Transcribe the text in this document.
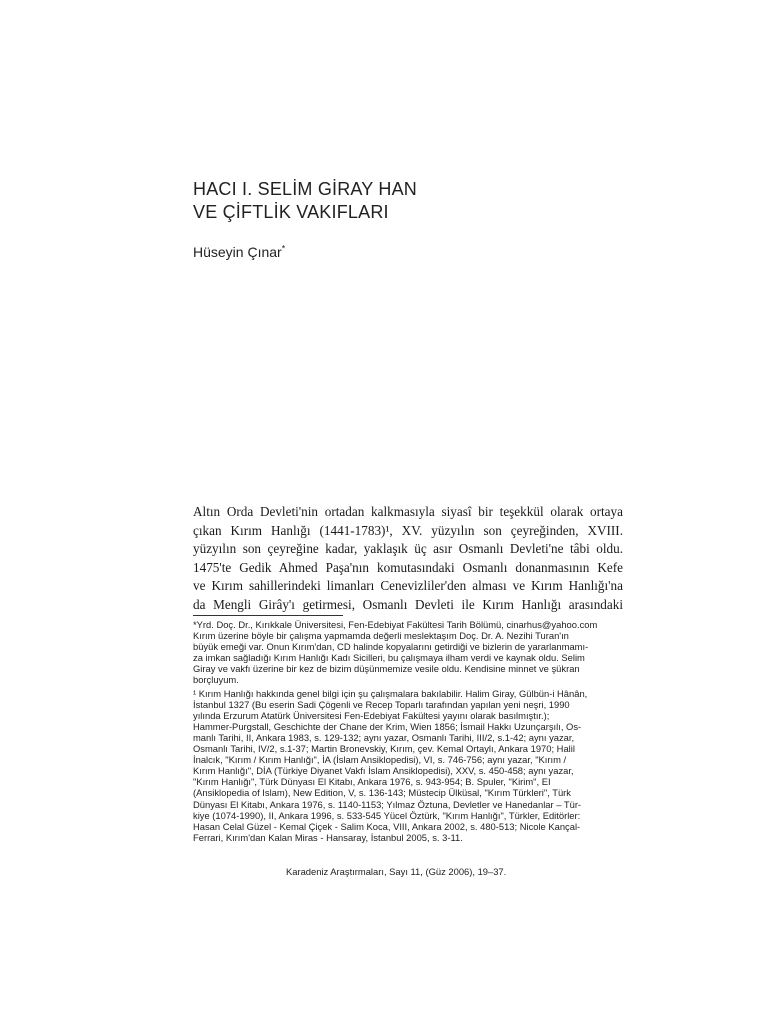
HACI I. SELİM GİRAY HAN
VE ÇİFTLİK VAKIFLARI
Hüseyin Çınar*
Altın Orda Devleti'nin ortadan kalkmasıyla siyasî bir teşekkül olarak ortaya
çıkan Kırım Hanlığı (1441-1783)¹, XV. yüzyılın son çeyreğinden, XVIII.
yüzyılın son çeyreğine kadar, yaklaşık üç asır Osmanlı Devleti'ne tâbi oldu.
1475'te Gedik Ahmed Paşa'nın komutasındaki Osmanlı donanmasının Kefe
ve Kırım sahillerindeki limanları Cenevizliler'den alması ve Kırım Hanlığı'na
da Mengli Girây'ı getirmesi, Osmanlı Devleti ile Kırım Hanlığı arasındaki
*Yrd. Doç. Dr., Kırıkkale Üniversitesi, Fen-Edebiyat Fakültesi Tarih Bölümü, cinarhus@yahoo.com
Kırım üzerine böyle bir çalışma yapmamda değerli meslektaşım Doç. Dr. A. Nezihi Turan'ın
büyük emeği var. Onun Kırım'dan, CD halinde kopyalarını getirdiği ve bizlerin de yararlanmamı-
za imkan sağladığı Kırım Hanlığı Kadı Sicilleri, bu çalışmaya ilham verdi ve kaynak oldu. Selim
Giray ve vakfı üzerine bir kez de bizim düşünmemize vesile oldu. Kendisine minnet ve şükran
borçluyum.
¹ Kırım Hanlığı hakkında genel bilgi için şu çalışmalara bakılabilir. Halim Giray, Gülbün-i Hânân,
İstanbul 1327 (Bu eserin Sadi Çögenli ve Recep Toparlı tarafından yapılan yeni neşri, 1990
yılında Erzurum Atatürk Üniversitesi Fen-Edebiyat Fakültesi yayını olarak basılmıştır.);
Hammer-Purgstall, Geschichte der Chane der Krim, Wien 1856; İsmail Hakkı Uzunçarşılı, Os-
manlı Tarihi, II, Ankara 1983, s. 129-132; aynı yazar, Osmanlı Tarihi, III/2, s.1-42; aynı yazar,
Osmanlı Tarihi, IV/2, s.1-37; Martin Bronevskiy, Kırım, çev. Kemal Ortaylı, Ankara 1970; Halil
İnalcık, "Kırım / Kırım Hanlığı", İA (İslam Ansiklopedisi), VI, s. 746-756; aynı yazar, "Kırım /
Kırım Hanlığı", DİA (Türkiye Diyanet Vakfı İslam Ansiklopedisi), XXV, s. 450-458; aynı yazar,
"Kırım Hanlığı", Türk Dünyası El Kitabı, Ankara 1976, s. 943-954; B. Spuler, "Kirim", EI
(Ansiklopedia of Islam), New Edition, V, s. 136-143; Müstecip Ülküsal, "Kırım Türkleri", Türk
Dünyası El Kitabı, Ankara 1976, s. 1140-1153; Yılmaz Öztuna, Devletler ve Hanedanlar – Tür-
kiye (1074-1990), II, Ankara 1996, s. 533-545 Yücel Öztürk, "Kırım Hanlığı", Türkler, Editörler:
Hasan Celal Güzel - Kemal Çiçek - Salim Koca, VIII, Ankara 2002, s. 480-513; Nicole Kançal-
Ferrari, Kırım'dan Kalan Miras - Hansaray, İstanbul 2005, s. 3-11.
Karadeniz Araştırmaları, Sayı 11, (Güz 2006), 19–37.
